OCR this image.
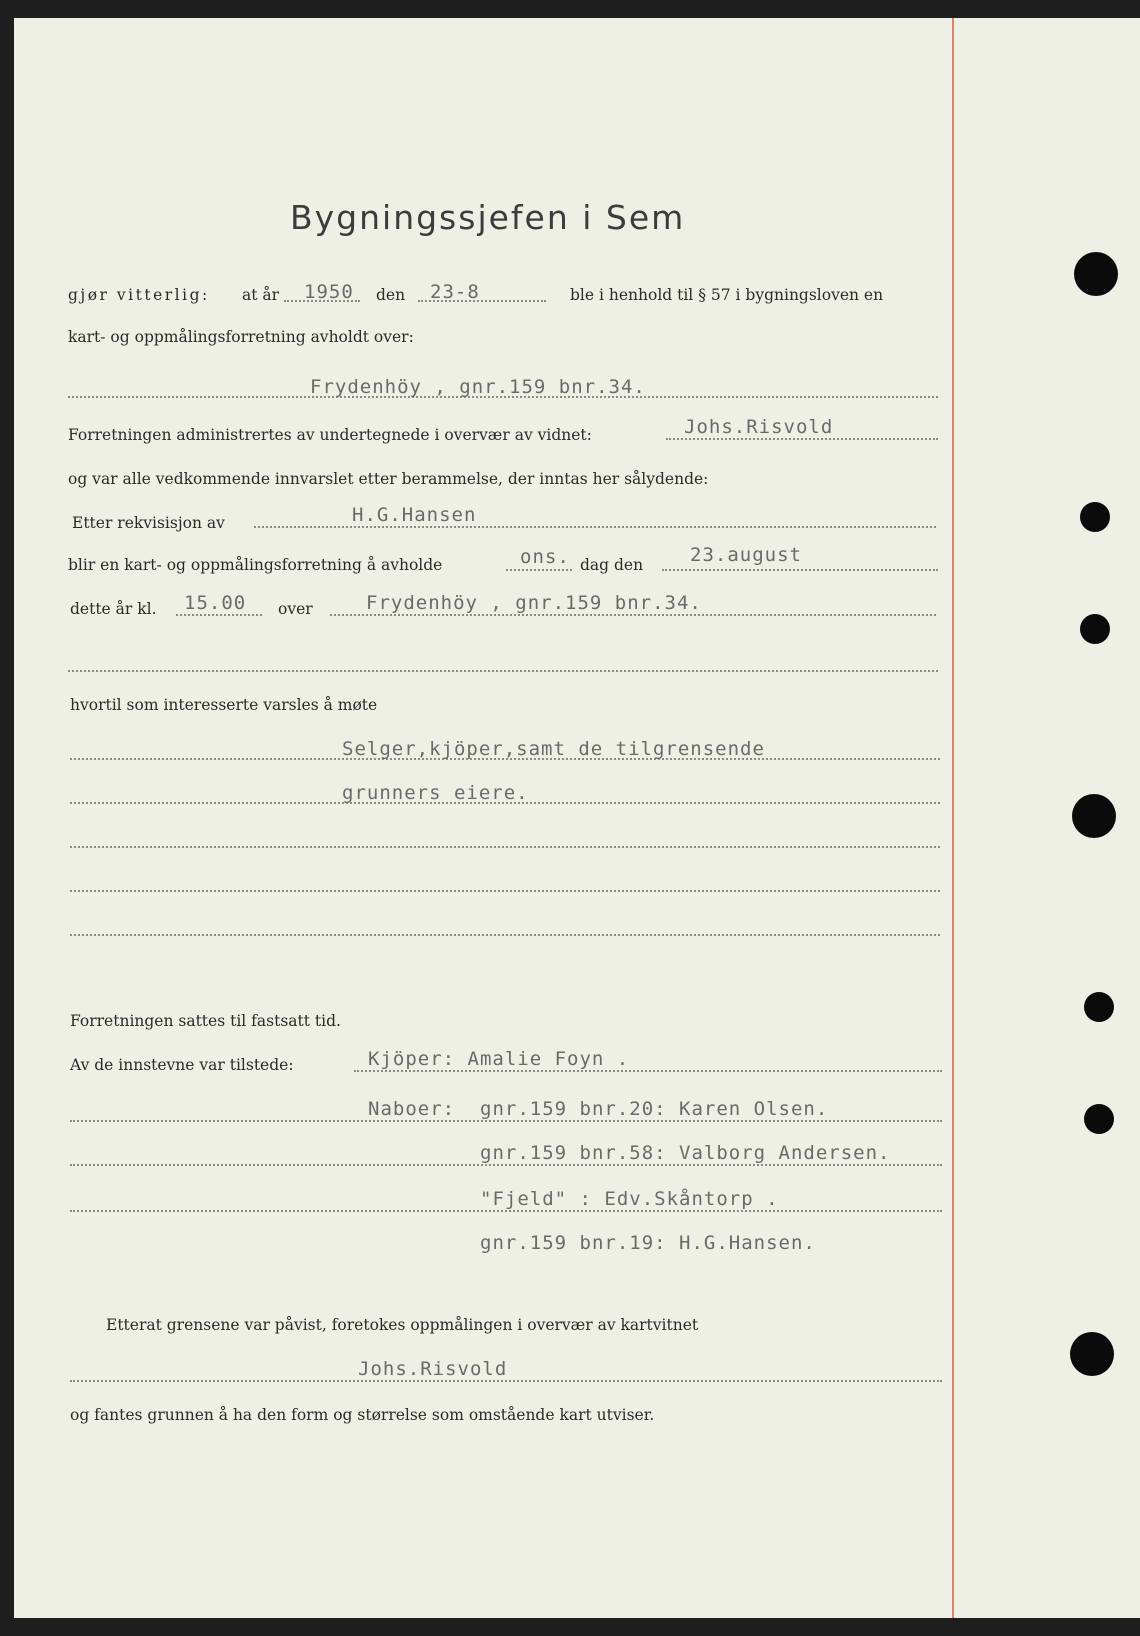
Bygningssjefen i Sem
gjør vitterlig: at år 1950 den 23-8	ble i henhold til § 57 i bygningsloven en
kart- og oppmålingsforretning avholdt over:
Frydenhöy , gnr.159 bnr.34.
Forretningen administrertes av undertegnede i overvær av vidnet:	Johs.Risvold
og var alle vedkommende innvarslet etter berammelse, der inntas her sålydende:
Etter rekvisisjon av	H.G.Hansen
blir en kart- og oppmålingsforretning å avholde	ons. dag den 23.august
dette år kl. 15.00 over	Frydenhöy , gnr.159 bnr.34.
hvortil som interesserte varsles å møte
Selger,kjöper,samt de tilgrensende
grunners eiere.
Forretningen sattes til fastsatt tid.
Av de innstevne var tilstede:	Kjöper: Amalie Foyn .
Naboer: gnr.159 bnr.20: Karen Olsen.
gnr.159 bnr.58: Valborg Andersen.
"Fjeld" : Edv.Skåntorp .
gnr.159 bnr.19: H.G.Hansen.
Etterat grensene var påvist, foretokes oppmålingen i overvær av kartvitnet
Johs.Risvold
og fantes grunnen å ha den form og størrelse som omstående kart utviser.
